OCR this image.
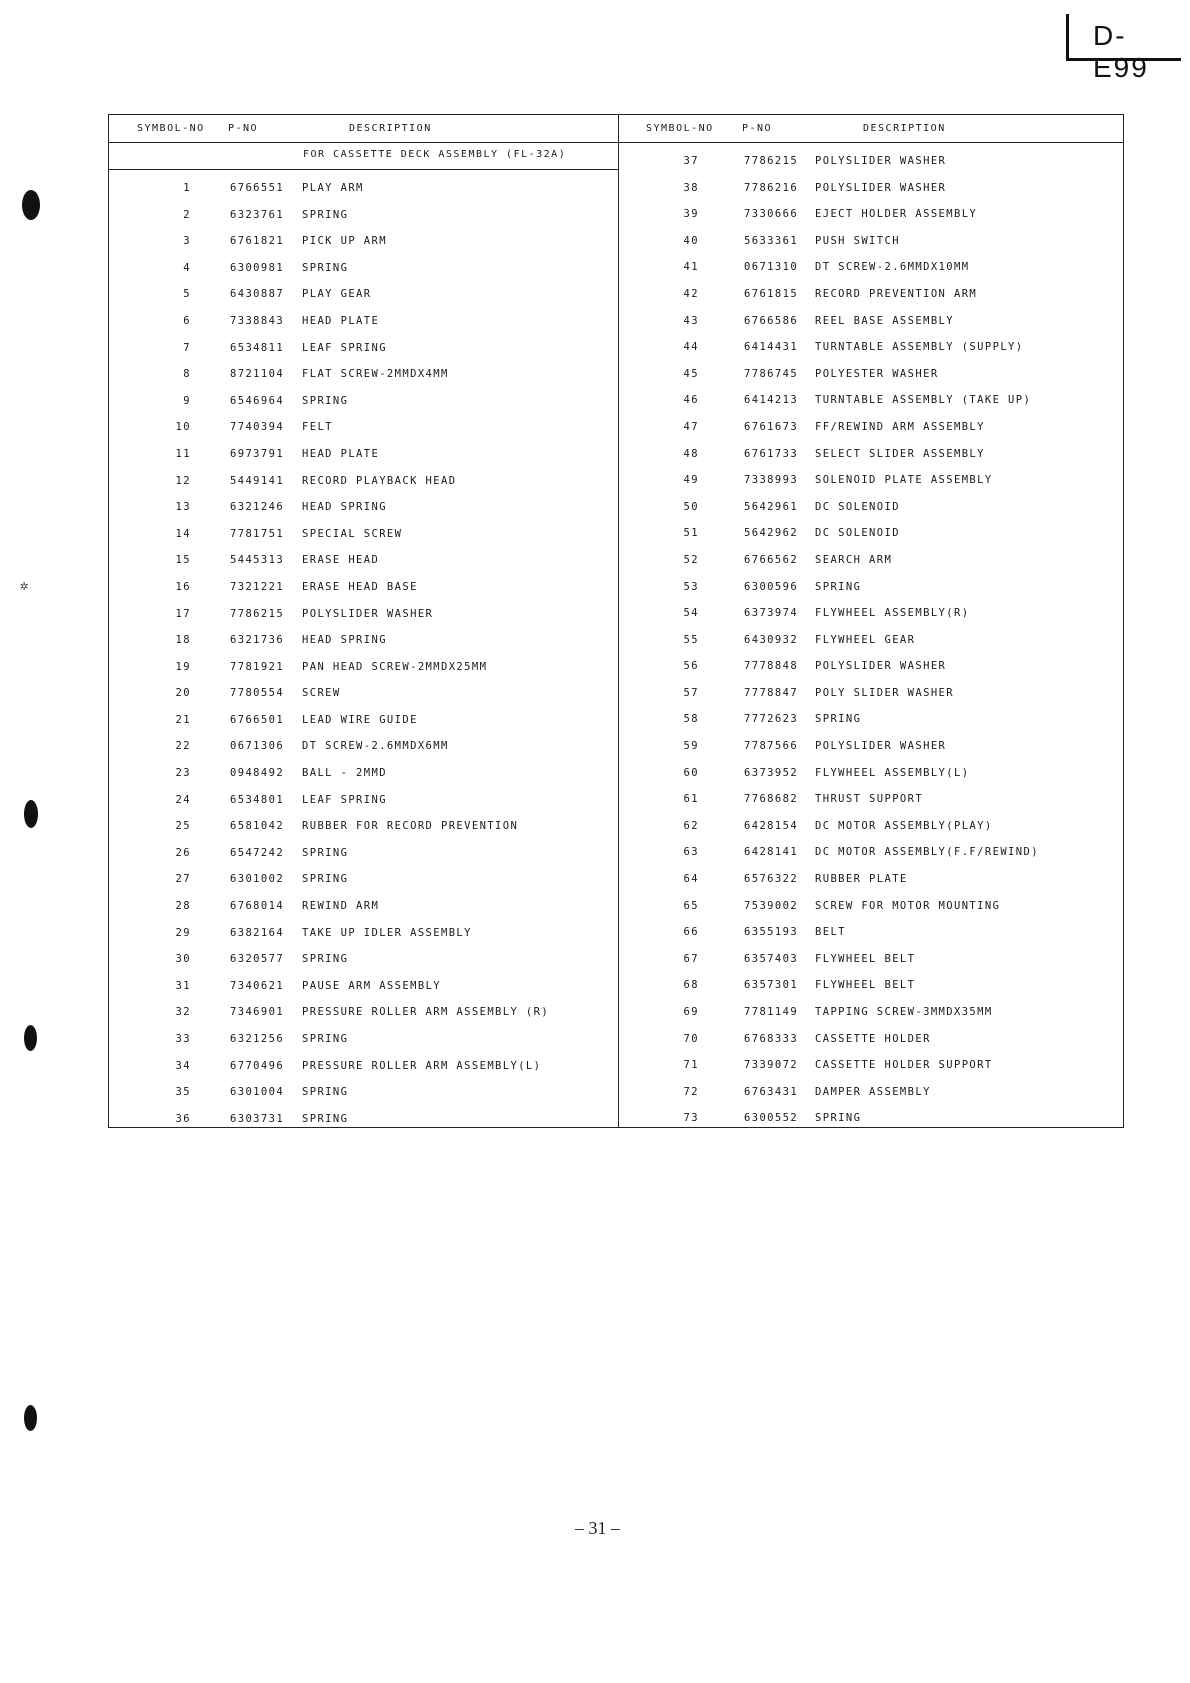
D-E99
✲
SYMBOL-NO P-NO	DESCRIPTION
FOR CASSETTE DECK ASSEMBLY (FL-32A)
1	6766551 PLAY ARM
2	6323761 SPRING
3	6761821 PICK UP ARM
4	6300981 SPRING
5	6430887 PLAY GEAR
6	7338843 HEAD PLATE
7	6534811 LEAF SPRING
8	8721104 FLAT SCREW-2MMDX4MM
9	6546964 SPRING
10	7740394 FELT
11	6973791 HEAD PLATE
12	5449141 RECORD PLAYBACK HEAD
13	6321246 HEAD SPRING
14	7781751 SPECIAL SCREW
15	5445313 ERASE HEAD
16	7321221 ERASE HEAD BASE
17	7786215 POLYSLIDER WASHER
18	6321736 HEAD SPRING
19	7781921 PAN HEAD SCREW-2MMDX25MM
20	7780554 SCREW
21	6766501 LEAD WIRE GUIDE
22	0671306 DT SCREW-2.6MMDX6MM
23	0948492 BALL - 2MMD
24	6534801 LEAF SPRING
25	6581042 RUBBER FOR RECORD PREVENTION
26	6547242 SPRING
27	6301002 SPRING
28	6768014 REWIND ARM
29	6382164 TAKE UP IDLER ASSEMBLY
30	6320577 SPRING
31	7340621 PAUSE ARM ASSEMBLY
32	7346901 PRESSURE ROLLER ARM ASSEMBLY (R)
33	6321256 SPRING
34	6770496 PRESSURE ROLLER ARM ASSEMBLY(L)
35	6301004 SPRING
36	6303731 SPRING
SYMBOL-NO	P-NO	DESCRIPTION
37	7786215 POLYSLIDER WASHER
38	7786216 POLYSLIDER WASHER
39	7330666 EJECT HOLDER ASSEMBLY
40	5633361 PUSH SWITCH
41	0671310 DT SCREW-2.6MMDX10MM
42	6761815 RECORD PREVENTION ARM
43	6766586 REEL BASE ASSEMBLY
44	6414431 TURNTABLE ASSEMBLY (SUPPLY)
45	7786745 POLYESTER WASHER
46	6414213 TURNTABLE ASSEMBLY (TAKE UP)
47	6761673 FF/REWIND ARM ASSEMBLY
48	6761733 SELECT SLIDER ASSEMBLY
49	7338993 SOLENOID PLATE ASSEMBLY
50	5642961 DC SOLENOID
51	5642962 DC SOLENOID
52	6766562 SEARCH ARM
53	6300596 SPRING
54	6373974 FLYWHEEL ASSEMBLY(R)
55	6430932 FLYWHEEL GEAR
56	7778848 POLYSLIDER WASHER
57	7778847 POLY SLIDER WASHER
58	7772623 SPRING
59	7787566 POLYSLIDER WASHER
60	6373952 FLYWHEEL ASSEMBLY(L)
61	7768682 THRUST SUPPORT
62	6428154 DC MOTOR ASSEMBLY(PLAY)
63	6428141 DC MOTOR ASSEMBLY(F.F/REWIND)
64	6576322 RUBBER PLATE
65	7539002 SCREW FOR MOTOR MOUNTING
66	6355193 BELT
67	6357403 FLYWHEEL BELT
68	6357301 FLYWHEEL BELT
69	7781149 TAPPING SCREW-3MMDX35MM
70	6768333 CASSETTE HOLDER
71	7339072 CASSETTE HOLDER SUPPORT
72	6763431 DAMPER ASSEMBLY
73	6300552 SPRING
– 31 –
